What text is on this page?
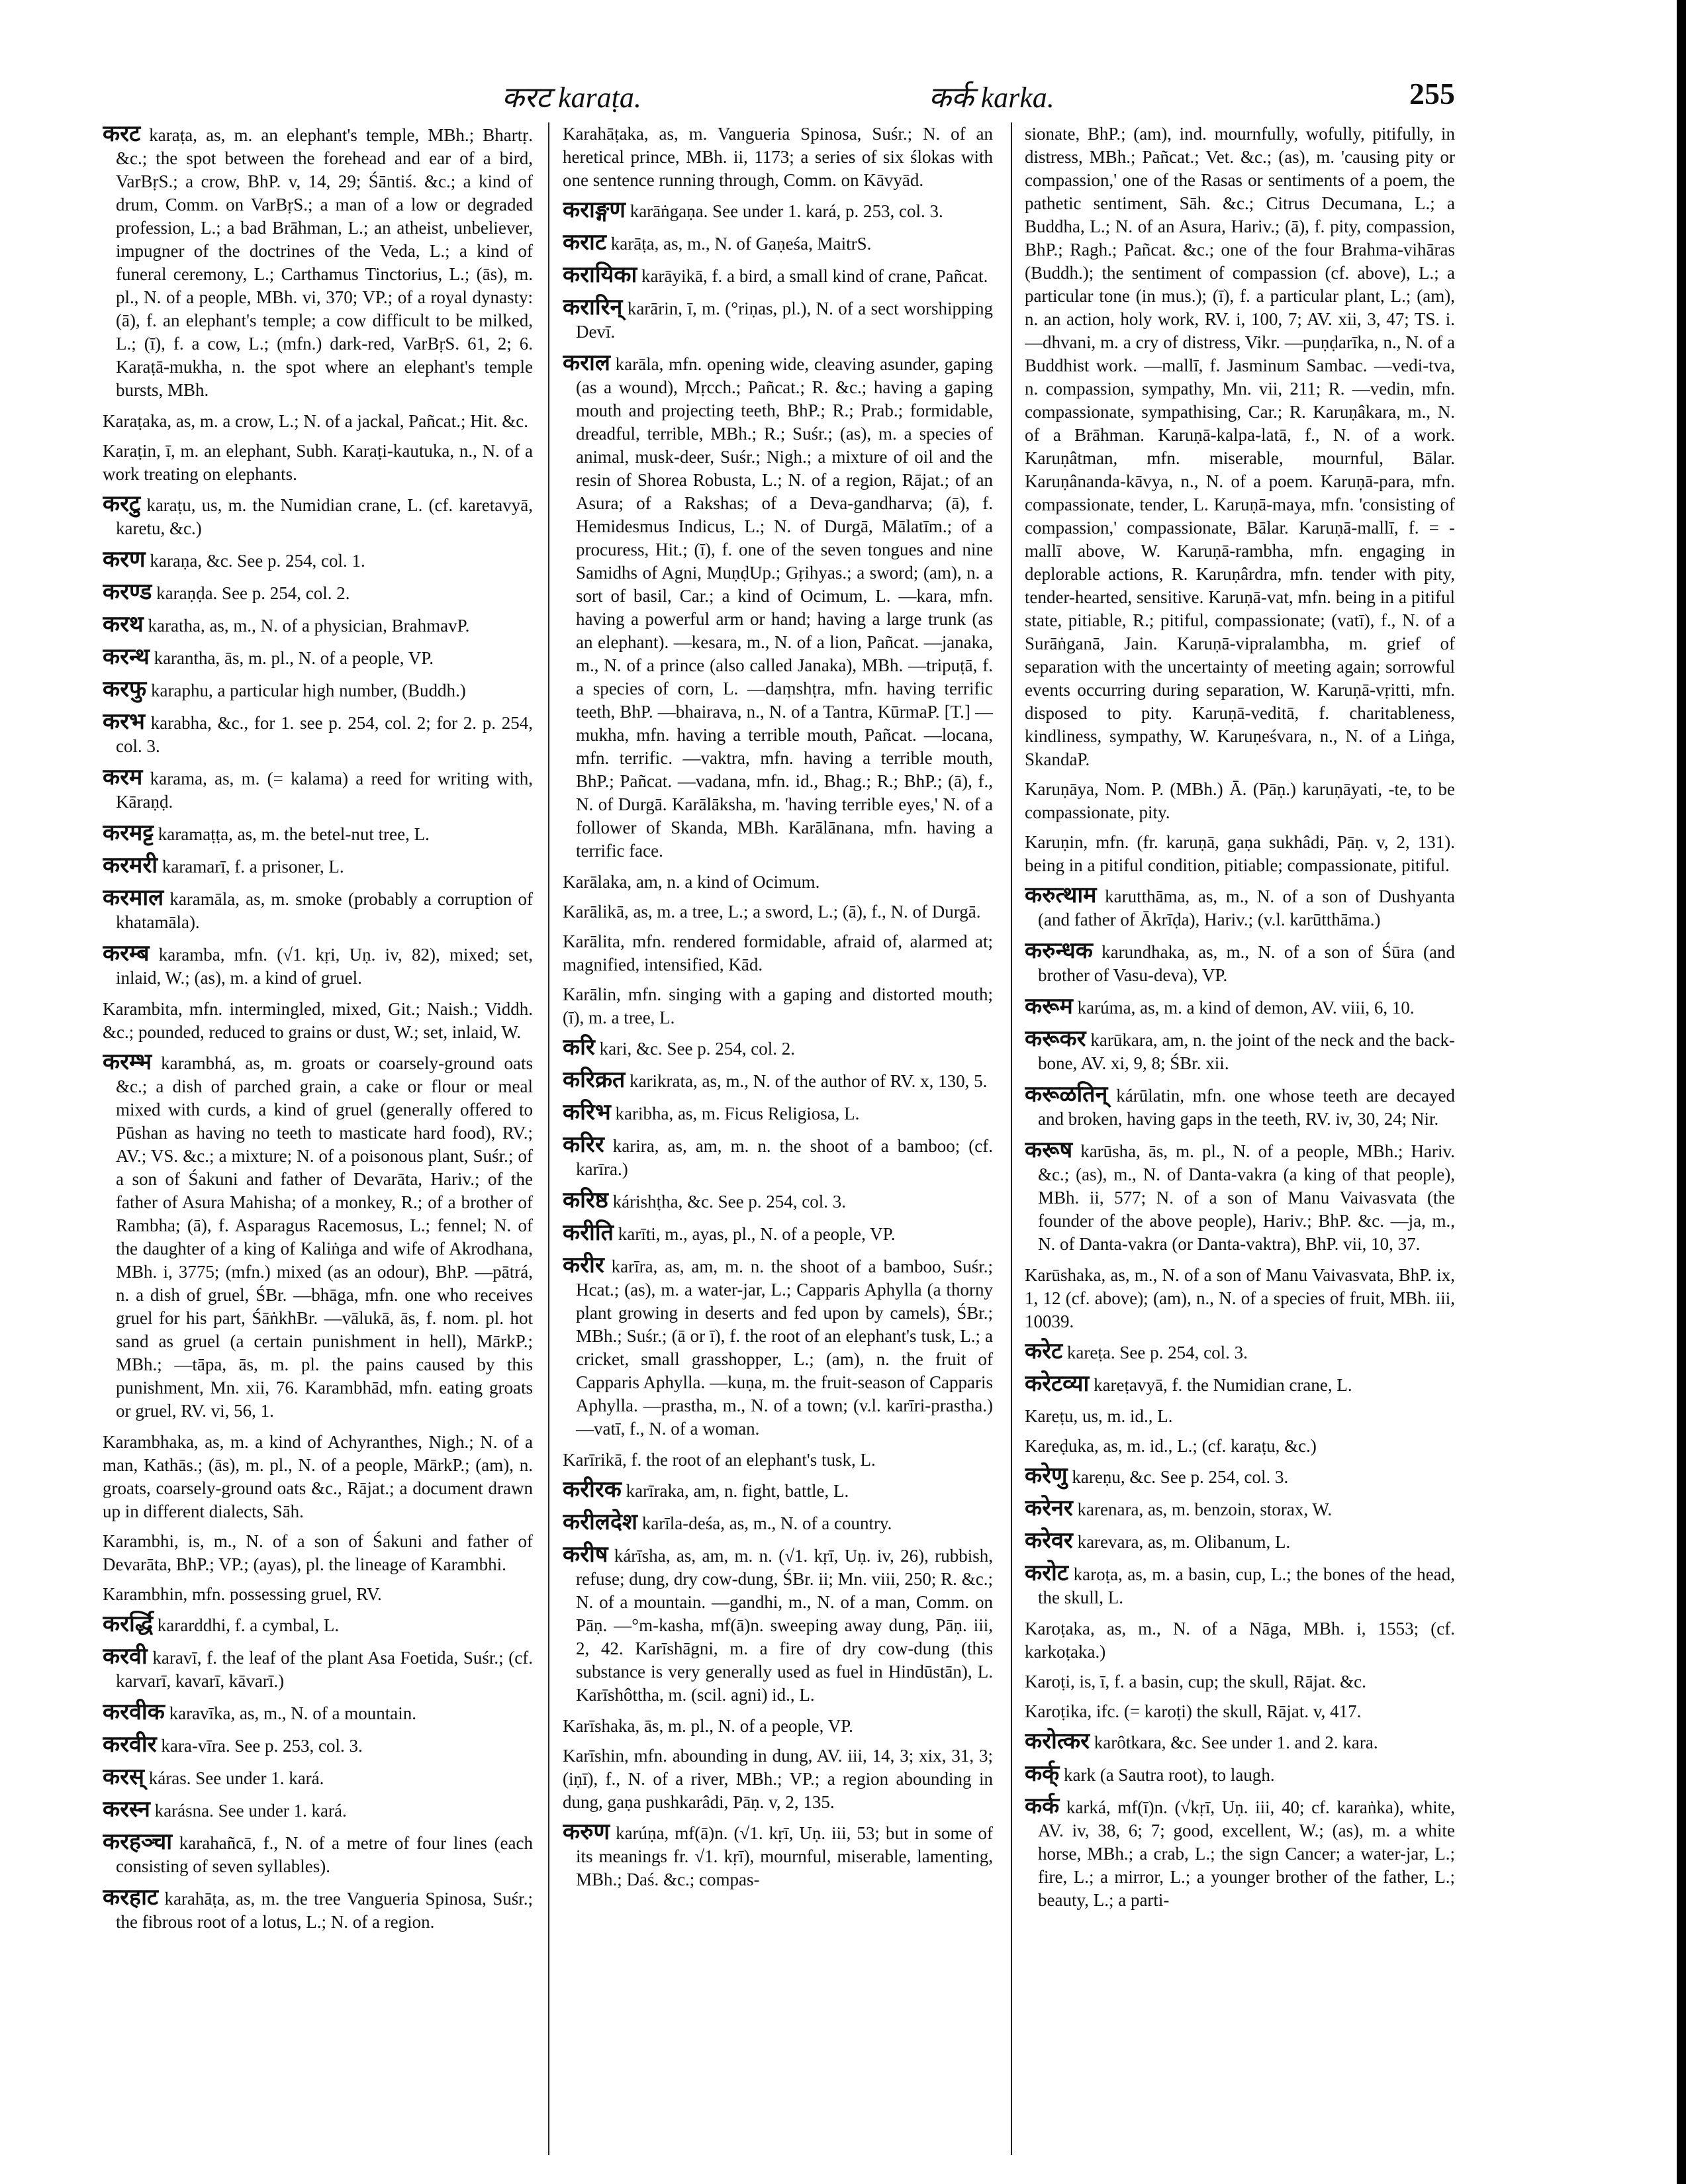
करट karaṭa.	कर्क karka.	255

करट karaṭa, as, m. an elephant's temple, MBh.; Bhartṛ. &c.; the spot between the forehead and ear of a bird, VarBṛS.; a crow, BhP. v, 14, 29; Śāntiś. &c.; a kind of drum, Comm. on VarBṛS.; a man of a low or degraded profession, L.; a bad Brāhman, L.; an atheist, unbeliever, impugner of the doctrines of the Veda, L.; a kind of funeral ceremony, L.; Carthamus Tinctorius, L.; (ās), m. pl., N. of a people, MBh. vi, 370; VP.; of a royal dynasty: (ā), f. an elephant's temple; a cow difficult to be milked, L.; (ī), f. a cow, L.; (mfn.) dark-red, VarBṛS. 61, 2; 6. Karaṭā-mukha, n. the spot where an elephant's temple bursts, MBh.

Karaṭaka, as, m. a crow, L.; N. of a jackal, Pañcat.; Hit. &c.

Karaṭin, ī, m. an elephant, Subh. Karaṭi-kautuka, n., N. of a work treating on elephants.

करटु karaṭu, us, m. the Numidian crane, L. (cf. karetavyā, karetu, &c.)

करण karaṇa, &c. See p. 254, col. 1.

करण्ड karaṇḍa. See p. 254, col. 2.

करथ karatha, as, m., N. of a physician, BrahmavP.

करन्थ karantha, ās, m. pl., N. of a people, VP.

करफु karaphu, a particular high number, (Buddh.)

करभ karabha, &c., for 1. see p. 254, col. 2; for 2. p. 254, col. 3.

करम karama, as, m. (= kalama) a reed for writing with, Kāraṇḍ.

करमट्ट karamaṭṭa, as, m. the betel-nut tree, L.

करमरी karamarī, f. a prisoner, L.

करमाल karamāla, as, m. smoke (probably a corruption of khatamāla).

करम्ब karamba, mfn. (√1. kṛi, Uṇ. iv, 82), mixed; set, inlaid, W.; (as), m. a kind of gruel.

Karambita, mfn. intermingled, mixed, Git.; Naish.; Viddh. &c.; pounded, reduced to grains or dust, W.; set, inlaid, W.

करम्भ karambhá, as, m. groats or coarsely-ground oats &c.; a dish of parched grain, a cake or flour or meal mixed with curds, a kind of gruel (generally offered to Pūshan as having no teeth to masticate hard food), RV.; AV.; VS. &c.; a mixture; N. of a poisonous plant, Suśr.; of a son of Śakuni and father of Devarāta, Hariv.; of the father of Asura Mahisha; of a monkey, R.; of a brother of Rambha; (ā), f. Asparagus Racemosus, L.; fennel; N. of the daughter of a king of Kaliṅga and wife of Akrodhana, MBh. i, 3775; (mfn.) mixed (as an odour), BhP. —pātrá, n. a dish of gruel, ŚBr. —bhāga, mfn. one who receives gruel for his part, ŚāṅkhBr. —vālukā, ās, f. nom. pl. hot sand as gruel (a certain punishment in hell), MārkP.; MBh.; —tāpa, ās, m. pl. the pains caused by this punishment, Mn. xii, 76. Karambhād, mfn. eating groats or gruel, RV. vi, 56, 1.

Karambhaka, as, m. a kind of Achyranthes, Nigh.; N. of a man, Kathās.; (ās), m. pl., N. of a people, MārkP.; (am), n. groats, coarsely-ground oats &c., Rājat.; a document drawn up in different dialects, Sāh.

Karambhi, is, m., N. of a son of Śakuni and father of Devarāta, BhP.; VP.; (ayas), pl. the lineage of Karambhi.

Karambhin, mfn. possessing gruel, RV.

करर्द्धि kararddhi, f. a cymbal, L.

करवी karavī, f. the leaf of the plant Asa Foetida, Suśr.; (cf. karvarī, kavarī, kāvarī.)

करवीक karavīka, as, m., N. of a mountain.

करवीर kara-vīra. See p. 253, col. 3.

करस् káras. See under 1. kará.

करस्न karásna. See under 1. kará.

करहञ्चा karahañcā, f., N. of a metre of four lines (each consisting of seven syllables).

करहाट karahāṭa, as, m. the tree Vangueria Spinosa, Suśr.; the fibrous root of a lotus, L.; N. of a region.

Karahāṭaka, as, m. Vangueria Spinosa, Suśr.; N. of an heretical prince, MBh. ii, 1173; a series of six ślokas with one sentence running through, Comm. on Kāvyād.

कराङ्गण karāṅgaṇa. See under 1. kará, p. 253, col. 3.

कराट karāṭa, as, m., N. of Gaṇeśa, MaitrS.

करायिका karāyikā, f. a bird, a small kind of crane, Pañcat.

करारिन् karārin, ī, m. (°riṇas, pl.), N. of a sect worshipping Devī.

कराल karāla, mfn. opening wide, cleaving asunder, gaping (as a wound), Mṛcch.; Pañcat.; R. &c.; having a gaping mouth and projecting teeth, BhP.; R.; Prab.; formidable, dreadful, terrible, MBh.; R.; Suśr.; (as), m. a species of animal, musk-deer, Suśr.; Nigh.; a mixture of oil and the resin of Shorea Robusta, L.; N. of a region, Rājat.; of an Asura; of a Rakshas; of a Deva-gandharva; (ā), f. Hemidesmus Indicus, L.; N. of Durgā, Mālatīm.; of a procuress, Hit.; (ī), f. one of the seven tongues and nine Samidhs of Agni, MuṇḍUp.; Gṛihyas.; a sword; (am), n. a sort of basil, Car.; a kind of Ocimum, L. —kara, mfn. having a powerful arm or hand; having a large trunk (as an elephant). —kesara, m., N. of a lion, Pañcat. —janaka, m., N. of a prince (also called Janaka), MBh. —tripuṭā, f. a species of corn, L. —daṃshṭra, mfn. having terrific teeth, BhP. —bhairava, n., N. of a Tantra, KūrmaP. [T.] —mukha, mfn. having a terrible mouth, Pañcat. —locana, mfn. terrific. —vaktra, mfn. having a terrible mouth, BhP.; Pañcat. —vadana, mfn. id., Bhag.; R.; BhP.; (ā), f., N. of Durgā. Karālāksha, m. 'having terrible eyes,' N. of a follower of Skanda, MBh. Karālānana, mfn. having a terrific face.

Karālaka, am, n. a kind of Ocimum.

Karālikā, as, m. a tree, L.; a sword, L.; (ā), f., N. of Durgā.

Karālita, mfn. rendered formidable, afraid of, alarmed at; magnified, intensified, Kād.

Karālin, mfn. singing with a gaping and distorted mouth; (ī), m. a tree, L.

करि kari, &c. See p. 254, col. 2.

करिक्रत karikrata, as, m., N. of the author of RV. x, 130, 5.

करिभ karibha, as, m. Ficus Religiosa, L.

करिर karira, as, am, m. n. the shoot of a bamboo; (cf. karīra.)

करिष्ठ kárishṭha, &c. See p. 254, col. 3.

करीति karīti, m., ayas, pl., N. of a people, VP.

करीर karīra, as, am, m. n. the shoot of a bamboo, Suśr.; Hcat.; (as), m. a water-jar, L.; Capparis Aphylla (a thorny plant growing in deserts and fed upon by camels), ŚBr.; MBh.; Suśr.; (ā or ī), f. the root of an elephant's tusk, L.; a cricket, small grasshopper, L.; (am), n. the fruit of Capparis Aphylla. —kuṇa, m. the fruit-season of Capparis Aphylla. —prastha, m., N. of a town; (v.l. karīri-prastha.) —vatī, f., N. of a woman.

Karīrikā, f. the root of an elephant's tusk, L.

करीरक karīraka, am, n. fight, battle, L.

करीलदेश karīla-deśa, as, m., N. of a country.

करीष kárīsha, as, am, m. n. (√1. kṛī, Uṇ. iv, 26), rubbish, refuse; dung, dry cow-dung, ŚBr. ii; Mn. viii, 250; R. &c.; N. of a mountain. —gandhi, m., N. of a man, Comm. on Pāṇ. —°m-kasha, mf(ā)n. sweeping away dung, Pāṇ. iii, 2, 42. Karīshāgni, m. a fire of dry cow-dung (this substance is very generally used as fuel in Hindūstān), L. Karīshôttha, m. (scil. agni) id., L.

Karīshaka, ās, m. pl., N. of a people, VP.

Karīshin, mfn. abounding in dung, AV. iii, 14, 3; xix, 31, 3; (iṇī), f., N. of a river, MBh.; VP.; a region abounding in dung, gaṇa pushkarâdi, Pāṇ. v, 2, 135.

करुण karúṇa, mf(ā)n. (√1. kṛī, Uṇ. iii, 53; but in some of its meanings fr. √1. kṛī), mournful, miserable, lamenting, MBh.; Daś. &c.; compas-

sionate, BhP.; (am), ind. mournfully, wofully, pitifully, in distress, MBh.; Pañcat.; Vet. &c.; (as), m. 'causing pity or compassion,' one of the Rasas or sentiments of a poem, the pathetic sentiment, Sāh. &c.; Citrus Decumana, L.; a Buddha, L.; N. of an Asura, Hariv.; (ā), f. pity, compassion, BhP.; Ragh.; Pañcat. &c.; one of the four Brahma-vihāras (Buddh.); the sentiment of compassion (cf. above), L.; a particular tone (in mus.); (ī), f. a particular plant, L.; (am), n. an action, holy work, RV. i, 100, 7; AV. xii, 3, 47; TS. i. —dhvani, m. a cry of distress, Vikr. —puṇḍarīka, n., N. of a Buddhist work. —mallī, f. Jasminum Sambac. —vedi-tva, n. compassion, sympathy, Mn. vii, 211; R. —vedin, mfn. compassionate, sympathising, Car.; R. Karuṇâkara, m., N. of a Brāhman. Karuṇā-kalpa-latā, f., N. of a work. Karuṇâtman, mfn. miserable, mournful, Bālar. Karuṇânanda-kāvya, n., N. of a poem. Karuṇā-para, mfn. compassionate, tender, L. Karuṇā-maya, mfn. 'consisting of compassion,' compassionate, Bālar. Karuṇā-mallī, f. = -mallī above, W. Karuṇā-rambha, mfn. engaging in deplorable actions, R. Karuṇârdra, mfn. tender with pity, tender-hearted, sensitive. Karuṇā-vat, mfn. being in a pitiful state, pitiable, R.; pitiful, compassionate; (vatī), f., N. of a Surāṅganā, Jain. Karuṇā-vipralambha, m. grief of separation with the uncertainty of meeting again; sorrowful events occurring during separation, W. Karuṇā-vṛitti, mfn. disposed to pity. Karuṇā-veditā, f. charitableness, kindliness, sympathy, W. Karuṇeśvara, n., N. of a Liṅga, SkandaP.

Karuṇāya, Nom. P. (MBh.) Ā. (Pāṇ.) karuṇāyati, -te, to be compassionate, pity.

Karuṇin, mfn. (fr. karuṇā, gaṇa sukhâdi, Pāṇ. v, 2, 131). being in a pitiful condition, pitiable; compassionate, pitiful.

करुत्थाम karutthāma, as, m., N. of a son of Dushyanta (and father of Ākrīḍa), Hariv.; (v.l. karūtthāma.)

करुन्धक karundhaka, as, m., N. of a son of Śūra (and brother of Vasu-deva), VP.

करूम karúma, as, m. a kind of demon, AV. viii, 6, 10.

करूकर karūkara, am, n. the joint of the neck and the back-bone, AV. xi, 9, 8; ŚBr. xii.

करूळतिन् kárūlatin, mfn. one whose teeth are decayed and broken, having gaps in the teeth, RV. iv, 30, 24; Nir.

करूष karūsha, ās, m. pl., N. of a people, MBh.; Hariv. &c.; (as), m., N. of Danta-vakra (a king of that people), MBh. ii, 577; N. of a son of Manu Vaivasvata (the founder of the above people), Hariv.; BhP. &c. —ja, m., N. of Danta-vakra (or Danta-vaktra), BhP. vii, 10, 37.

Karūshaka, as, m., N. of a son of Manu Vaivasvata, BhP. ix, 1, 12 (cf. above); (am), n., N. of a species of fruit, MBh. iii, 10039.

करेट kareṭa. See p. 254, col. 3.

करेटव्या kareṭavyā, f. the Numidian crane, L.

Kareṭu, us, m. id., L.

Kareḍuka, as, m. id., L.; (cf. karaṭu, &c.)

करेणु kareṇu, &c. See p. 254, col. 3.

करेनर karenara, as, m. benzoin, storax, W.

करेवर karevara, as, m. Olibanum, L.

करोट karoṭa, as, m. a basin, cup, L.; the bones of the head, the skull, L.

Karoṭaka, as, m., N. of a Nāga, MBh. i, 1553; (cf. karkoṭaka.)

Karoṭi, is, ī, f. a basin, cup; the skull, Rājat. &c.

Karoṭika, ifc. (= karoṭi) the skull, Rājat. v, 417.

करोत्कर karôtkara, &c. See under 1. and 2. kara.

कर्क् kark (a Sautra root), to laugh.

कर्क karká, mf(ī)n. (√kṛī, Uṇ. iii, 40; cf. karaṅka), white, AV. iv, 38, 6; 7; good, excellent, W.; (as), m. a white horse, MBh.; a crab, L.; the sign Cancer; a water-jar, L.; fire, L.; a mirror, L.; a younger brother of the father, L.; beauty, L.; a parti-
